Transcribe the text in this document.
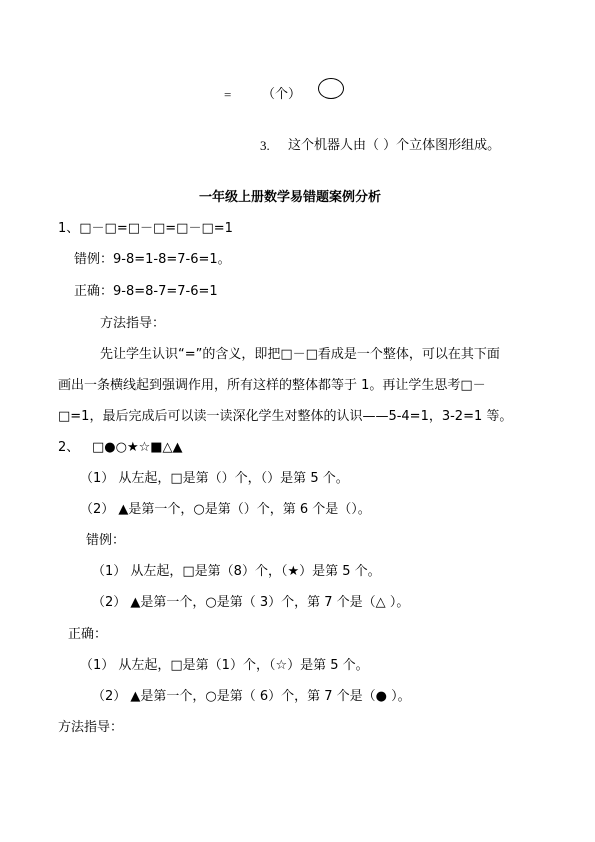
= （个）
3. 这个机器人由（ ）个立体图形组成。
一年级上册数学易错题案例分析
1、□－□=□－□=□－□=1
错例：9-8=1-8=7-6=1。
正确：9-8=8-7=7-6=1
方法指导：
先让学生认识“=”的含义，即把□－□看成是一个整体，可以在其下面
画出一条横线起到强调作用，所有这样的整体都等于 1。再让学生思考□－
□=1，最后完成后可以读一读深化学生对整体的认识——5-4=1，3-2=1 等。
2、 □●○★☆■△▲
（1） 从左起，□是第（）个，（）是第 5 个。
（2） ▲是第一个，○是第（）个，第 6 个是（）。
错例：
（1） 从左起，□是第（8）个，（★）是第 5 个。
（2） ▲是第一个，○是第（ 3）个，第 7 个是（△ ）。
正确：
（1） 从左起，□是第（1）个，（☆）是第 5 个。
（2） ▲是第一个，○是第（ 6）个，第 7 个是（● ）。
方法指导：
